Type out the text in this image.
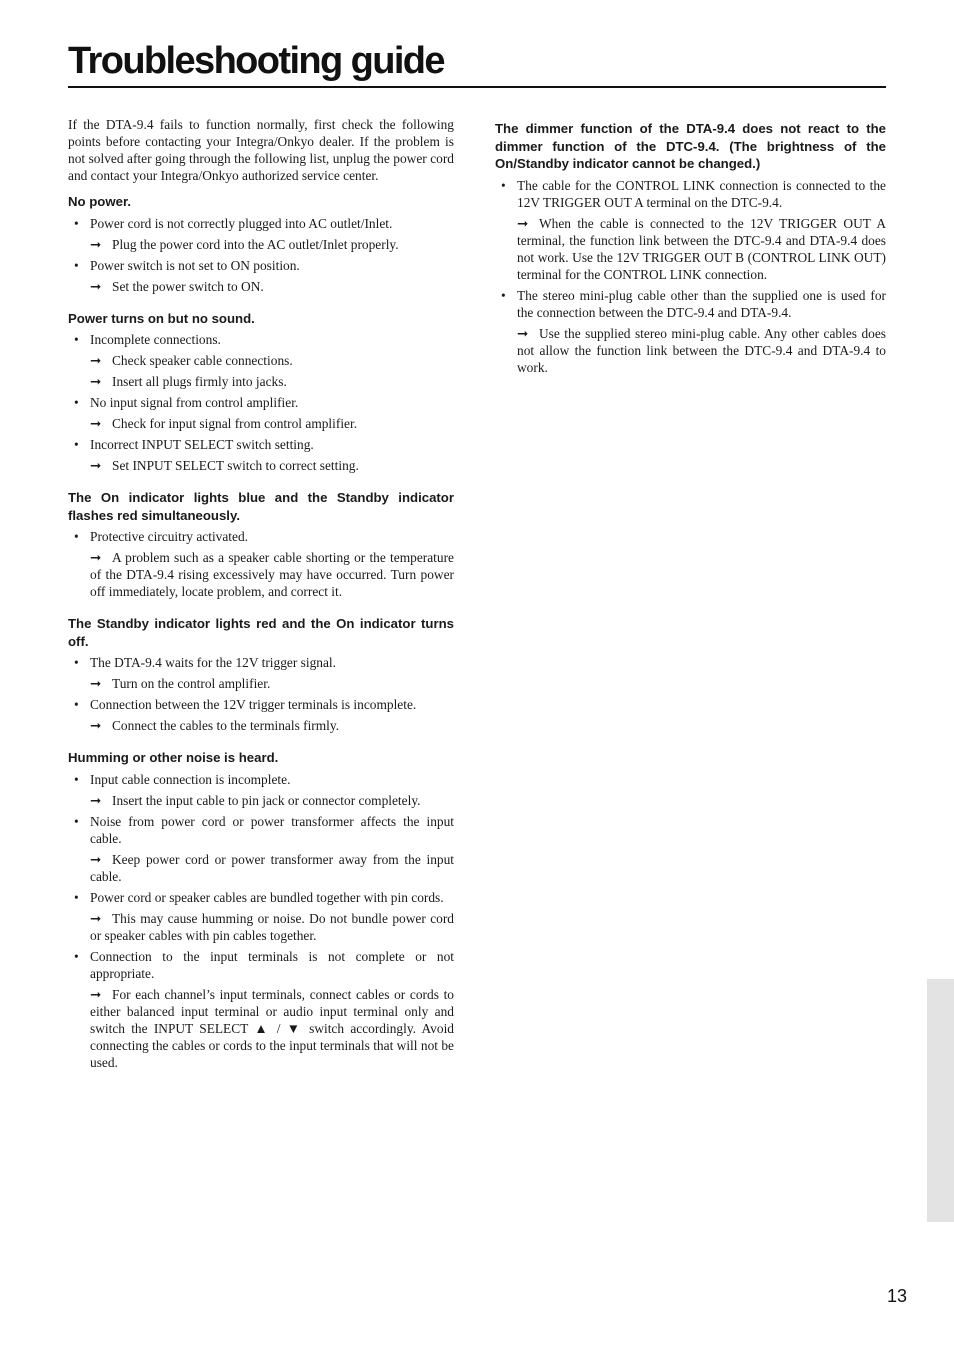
Troubleshooting guide

If the DTA-9.4 fails to function normally, first check the following points before contacting your Integra/Onkyo dealer. If the problem is not solved after going through the following list, unplug the power cord and contact your Integra/Onkyo authorized service center.

No power.

• Power cord is not correctly plugged into AC outlet/Inlet.
➞ Plug the power cord into the AC outlet/Inlet properly.
• Power switch is not set to ON position.
➞ Set the power switch to ON.

Power turns on but no sound.

• Incomplete connections.
➞ Check speaker cable connections.
➞ Insert all plugs firmly into jacks.
• No input signal from control amplifier.
➞ Check for input signal from control amplifier.
• Incorrect INPUT SELECT switch setting.
➞ Set INPUT SELECT switch to correct setting.

The On indicator lights blue and the Standby indicator flashes red simultaneously.

• Protective circuitry activated.
➞ A problem such as a speaker cable shorting or the temperature of the DTA-9.4 rising excessively may have occurred. Turn power off immediately, locate problem, and correct it.

The Standby indicator lights red and the On indicator turns off.

• The DTA-9.4 waits for the 12V trigger signal.
➞ Turn on the control amplifier.
• Connection between the 12V trigger terminals is incomplete.
➞ Connect the cables to the terminals firmly.

Humming or other noise is heard.

• Input cable connection is incomplete.
➞ Insert the input cable to pin jack or connector completely.
• Noise from power cord or power transformer affects the input cable.
➞ Keep power cord or power transformer away from the input cable.
• Power cord or speaker cables are bundled together with pin cords.
➞ This may cause humming or noise. Do not bundle power cord or speaker cables with pin cables together.
• Connection to the input terminals is not complete or not appropriate.
➞ For each channel’s input terminals, connect cables or cords to either balanced input terminal or audio input terminal only and switch the INPUT SELECT ▲ / ▼ switch accordingly. Avoid connecting the cables or cords to the input terminals that will not be used.

The dimmer function of the DTA-9.4 does not react to the dimmer function of the DTC-9.4. (The brightness of the On/Standby indicator cannot be changed.)

• The cable for the CONTROL LINK connection is connected to the 12V TRIGGER OUT A terminal on the DTC-9.4.
➞ When the cable is connected to the 12V TRIGGER OUT A terminal, the function link between the DTC-9.4 and DTA-9.4 does not work. Use the 12V TRIGGER OUT B (CONTROL LINK OUT) terminal for the CONTROL LINK connection.
• The stereo mini-plug cable other than the supplied one is used for the connection between the DTC-9.4 and DTA-9.4.
➞ Use the supplied stereo mini-plug cable. Any other cables does not allow the function link between the DTC-9.4 and DTA-9.4 to work.
13
